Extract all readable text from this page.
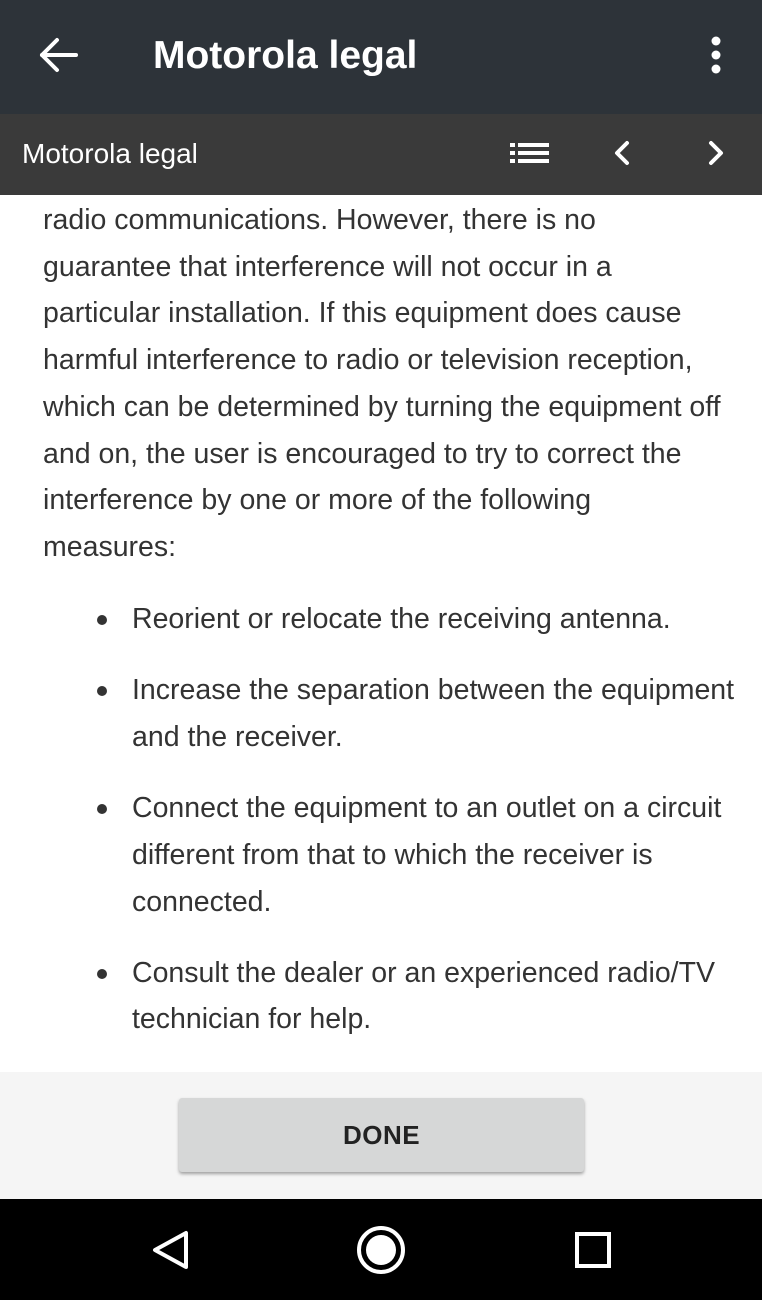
Motorola legal
Motorola legal

radio communications. However, there is no guarantee that interference will not occur in a particular installation. If this equipment does cause harmful interference to radio or television reception, which can be determined by turning the equipment off and on, the user is encouraged to try to correct the interference by one or more of the following measures:

Reorient or relocate the receiving antenna.
Increase the separation between the equipment and the receiver.
Connect the equipment to an outlet on a circuit different from that to which the receiver is connected.
Consult the dealer or an experienced radio/TV technician for help.
DONE
